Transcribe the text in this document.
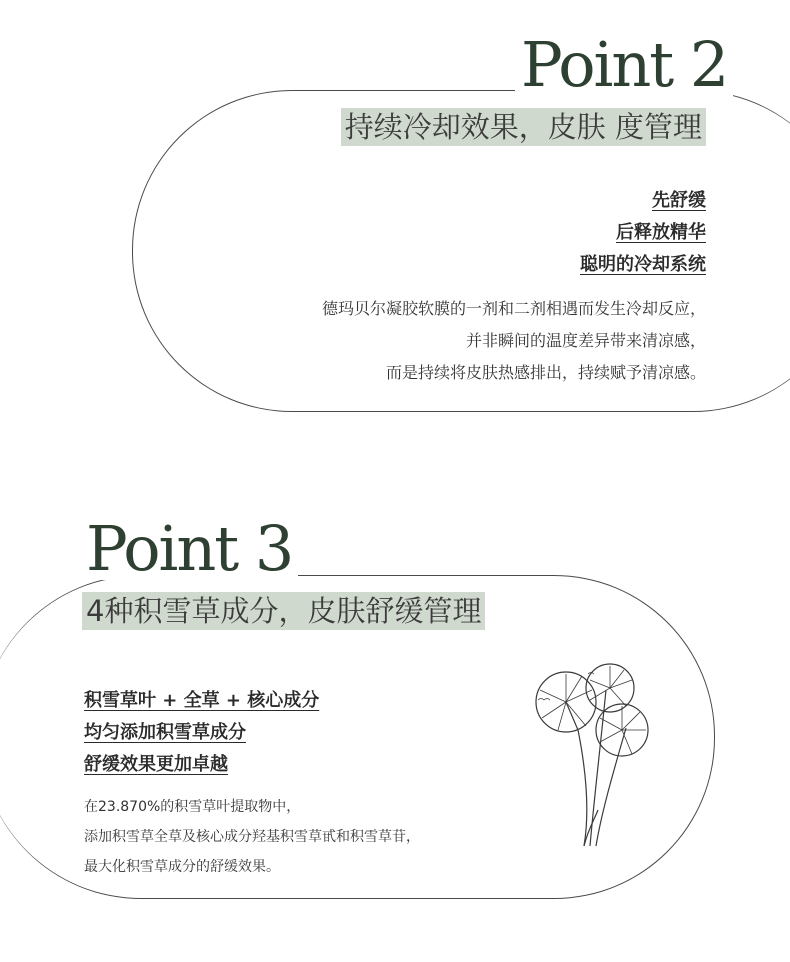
Point 2
持续冷却效果，皮肤 度管理
先舒缓
后释放精华
聪明的冷却系统
德玛贝尔凝胶软膜的一剂和二剂相遇而发生冷却反应，
并非瞬间的温度差异带来清凉感，
而是持续将皮肤热感排出，持续赋予清凉感。
Point 3
4种积雪草成分，皮肤舒缓管理
积雪草叶 + 全草 + 核心成分
均匀添加积雪草成分
舒缓效果更加卓越
在23.870%的积雪草叶提取物中，
添加积雪草全草及核心成分羟基积雪草甙和积雪草苷，
最大化积雪草成分的舒缓效果。
